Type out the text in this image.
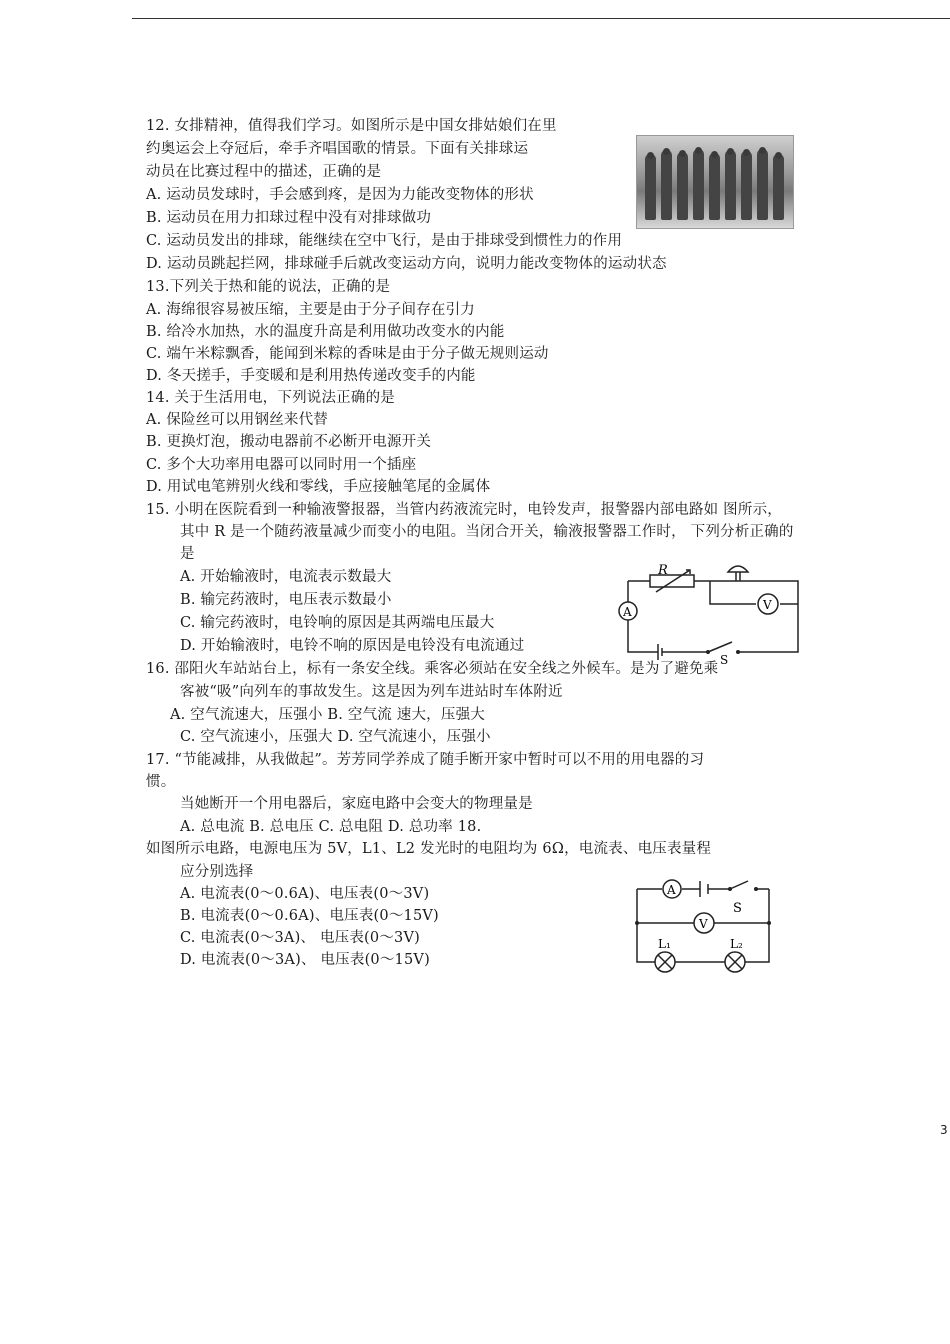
12. 女排精神，值得我们学习。如图所示是中国女排姑娘们在里
约奥运会上夺冠后，牵手齐唱国歌的情景。下面有关排球运
动员在比赛过程中的描述，正确的是
A. 运动员发球时，手会感到疼，是因为力能改变物体的形状
B. 运动员在用力扣球过程中没有对排球做功
C. 运动员发出的排球，能继续在空中飞行，是由于排球受到惯性力的作用
D. 运动员跳起拦网，排球碰手后就改变运动方向，说明力能改变物体的运动状态
13.下列关于热和能的说法，正确的是
A. 海绵很容易被压缩，主要是由于分子间存在引力
B. 给冷水加热，水的温度升高是利用做功改变水的内能
C. 端午米粽飘香，能闻到米粽的香味是由于分子做无规则运动
D. 冬天搓手，手变暖和是利用热传递改变手的内能
14. 关于生活用电，下列说法正确的是
A. 保险丝可以用钢丝来代替
B. 更换灯泡，搬动电器前不必断开电源开关
C. 多个大功率用电器可以同时用一个插座
D. 用试电笔辨别火线和零线，手应接触笔尾的金属体
15. 小明在医院看到一种输液警报器，当管内药液流完时，电铃发声，报警器内部电路如 图所示，
其中 R 是一个随药液量减少而变小的电阻。当闭合开关，输液报警器工作时， 下列分析正确的
是
A. 开始输液时，电流表示数最大
B. 输完药液时，电压表示数最小
C. 输完药液时，电铃响的原因是其两端电压最大
D. 开始输液时，电铃不响的原因是电铃没有电流通过
R
A	V
S
16. 邵阳火车站站台上，标有一条安全线。乘客必须站在安全线之外候车。是为了避免乘
客被“吸”向列车的事故发生。这是因为列车进站时车体附近
A. 空气流速大，压强小 B. 空气流 速大，压强大
C. 空气流速小，压强大 D. 空气流速小，压强小
17. “节能减排，从我做起”。芳芳同学养成了随手断开家中暂时可以不用的用电器的习
惯。
当她断开一个用电器后，家庭电路中会变大的物理量是
A. 总电流 B. 总电压 C. 总电阻 D. 总功率 18.
如图所示电路，电源电压为 5V，L1、L2 发光时的电阻均为 6Ω，电流表、电压表量程
应分别选择
A. 电流表(0～0.6A)、电压表(0～3V)
B. 电流表(0～0.6A)、电压表(0～15V)
C. 电流表(0～3A)、 电压表(0～3V)
D. 电流表(0～3A)、 电压表(0～15V)
A
V
S
L₁	L₂
3
